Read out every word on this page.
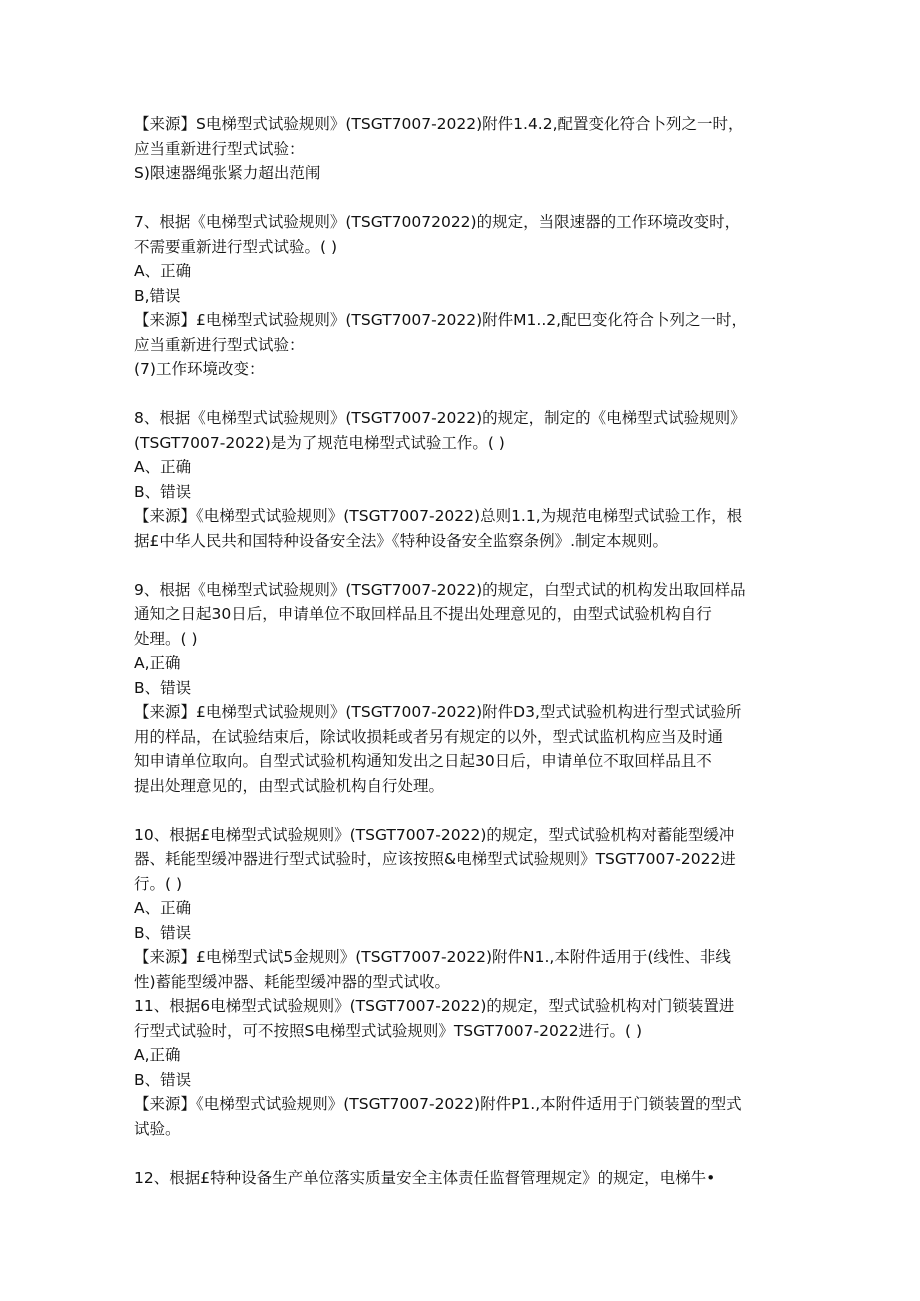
【来源】S电梯型式试验规则》(TSGT7007-2022)附件1.4.2,配置变化符合卜列之一时，
应当重新进行型式试验：
S)限速器绳张紧力超出范闱
7、根据《电梯型式试验规则》(TSGT70072022)的规定，当限速器的工作环境改变时，
不需要重新进行型式试验。( )
A、正确
B,错误
【来源】£电梯型式试验规则》(TSGT7007-2022)附件M1..2,配巴变化符合卜列之一时，
应当重新进行型式试验：
(7)工作环境改变：
8、根据《电梯型式试验规则》(TSGT7007-2022)的规定，制定的《电梯型式试验规则》
(TSGT7007-2022)是为了规范电梯型式试验工作。( )
A、正确
B、错误
【来源】《电梯型式试验规则》(TSGT7007-2022)总则1.1,为规范电梯型式试验工作，根
据£中华人民共和国特种设备安全法》《特种设备安全监察条例》.制定本规则。
9、根据《电梯型式试验规则》(TSGT7007-2022)的规定，白型式试的机构发出取回样品
通知之日起30日后，申请单位不取回样品且不提出处理意见的，由型式试验机构自行
处理。( )
A,正确
B、错误
【来源】£电梯型式试验规则》(TSGT7007-2022)附件D3,型式试验机构进行型式试验所
用的样品，在试验结束后，除试收损耗或者另有规定的以外，型式试监机构应当及时通
知申请单位取向。自型式试验机构通知发出之日起30日后，申请单位不取回样品且不
提出处理意见的，由型式试脸机构自行处理。
10、根据£电梯型式试验规则》(TSGT7007-2022)的规定，型式试验机构对蓄能型缓冲
器、耗能型缓冲器进行型式试验时，应该按照&电梯型式试验规则》TSGT7007-2022进
行。( )
A、正确
B、错误
【来源】£电梯型式试5金规则》(TSGT7007-2022)附件N1.,本附件适用于(线性、非线
性)蓄能型缓冲器、耗能型缓冲器的型式试收。
11、根据6电梯型式试验规则》(TSGT7007-2022)的规定，型式试验机构对门锁装置进
行型式试验时，可不按照S电梯型式试验规则》TSGT7007-2022进行。( )
A,正确
B、错误
【来源】《电梯型式试验规则》(TSGT7007-2022)附件P1.,本附件适用于门锁装置的型式
试验。
12、根据£特种设备生产单位落实质量安全主体责任监督管理规定》的规定，电梯牛•
